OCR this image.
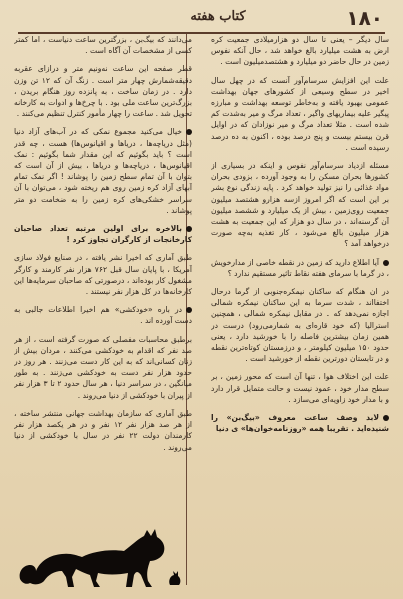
۱۸۰
کتاب هفته

سال دیگر – یعنی تا سال دو هزارمیلادی جمعیت کره ارض به هشت میلیارد بالغ خواهد شد ، حال آنکه نفوس زمین در حال حاضر دو میلیارد و هشتصدمیلیون است .

علت این افزایش سرسام‌آور آنست که در چهل سال اخیر در سطح وسیعی از کشورهای جهان بهداشت عمومی بهبود یافته و به‌خاطر توسعه بهداشت و مبارزه پیگیر علیه بیماریهای واگیر ، تعداد مرگ و میر به‌شدت کم شده است . مثلا تعداد مرگ و میر نوزادان که در اوایل قرن بیستم بیست و پنج درصد بوده ، اکنون به ده درصد رسیده است .

مسئله ازدیاد سرسام‌آور نفوس و اینکه در بسیاری از کشورها بحران مسکن را به وجود آورده ، بزودی بحران مواد غذائی را نیز تولید خواهد کرد . پایه زندگی نوع بشر بر این است که اگر امروز ازسه هزارو هشتصد میلیون جمعیت روی‌زمین ، بیش از یک میلیارد و ششصد میلیون آن گرسنه‌اند ، در سال دو هزار که این جمعیت به هشت هزار میلیون بالغ می‌شود ، کار تغذیه به‌چه صورت درخواهد آمد ؟

آیا اطلاع دارید که زمین در نقطه خاصی از مدارخویش ، در گرما با سرمای هفته نقاط تاثیر مستقیم ندارد ؟

در ان هنگام که ساکنان نیمکره‌جنوبی از گرما درحال اختفا‌اند ، شدت سرما به این ساکنان نیمکره شمالی اجازه نمی‌دهد که ۔ در مقابل نیمکره شمالی ، همچنین استرالیا (که خود قاره‌ای به شمارمی‌رود) درست در همین زمان بیشترین فاصله را با خورشید دارد ، یعنی حدود ۱۵۰ میلیون کیلومتر ، و درزمستان کوتاه‌ترین نقطه و در تابستان دورترین نقطه از خورشید است .

علت این اختلاف هوا ، تنها آن است که محور زمین ، بر سطح مدار خود ، عمود نیست و حالت متمایل قرار دارد و با مدار خود زاویه‌ای می‌سازد .

لابد وصف ساعت معروف «بیگ‌بن» را شنیده‌اید . تقریبا همه «روزنامه‌خوان‌ها» ی دنیا

می‌دانند که بیگ‌بن ، بزرگترین ساعت دنیاست ، اما کمتر کسی از مشخصات آن آگاه است .

قطر صفحه این ساعت نه‌ونیم متر و درازای عقربه دقیقه‌شمارش چهار متر است . زنگ آن که ۱۲ تن وزن دارد . در زمان ساخت ، به پانزده روز هنگام بریدن ، بزرگ‌ترین ساعت ملی بود . با چرخ‌ها و ادوات به کارخانه تحویل شد . ساعت را چهار مأمور کنترل تنظیم می‌کنند .

خیال می‌کنید مجموع نمکی که در آب‌های آزاد دنیا (مثل دریاچه‌ها ، دریاها و اقیانوس‌ها) هست ، چه قدر است ؟ باید بگوئیم که این مقدار شما بگوئیم : نمک اقیانوس‌ها ، دریاچه‌ها و دریاها ، بیش از آن است که بتوان با آن تمام سطح زمین را پوشاند ! اگر نمک تمام آبهای آزاد کره زمین روی هم ریخته شود ، می‌توان با آن سراسر خشکی‌های کره زمین را به ضخامت دو متر پوشاند .

بالاخره برای اولین مرتبه تعداد صاحبان کارخانجات از کارگران تجاوز کرد !

طبق آماری که اخیرا نشر یافته ، در صنایع فولاد سازی آمریکا ، با پایان سال قبل ۷۶۲ هزار نفر کارمند و کارگر مشغول کار بوده‌اند ، درصورتی که صاحبان سرمایه‌ها این کارخانه‌ها در کل هزار نفر نیستند .

در باره «خودکشی» هم اخیرا اطلاعات جالبی به دست آورده اند .

برطبق محاسبات مفصلی که صورت گرفته است ، از هر صد نفر که اقدام به خودکشی می‌کنند ، مردان بیش از زنان کسانی‌اند که به این کار دست می‌زنند . هر روز در حدود هزار نفر دست به خودکشی می‌زنند . به طور میانگین ، در سراسر دنیا ، هر سال حدود ۲ تا ۳ هزار نفر از پیران با خودکشی از دنیا می‌روند .

طبق آماری که سازمان بهداشت جهانی منتشر ساخته ، از هر صد هزار نفر ۱۲ نفر و در هر یکصد هزار نفر کارمندان دولت ۲۲ نفر در سال با خودکشی از دنیا می‌روند .
